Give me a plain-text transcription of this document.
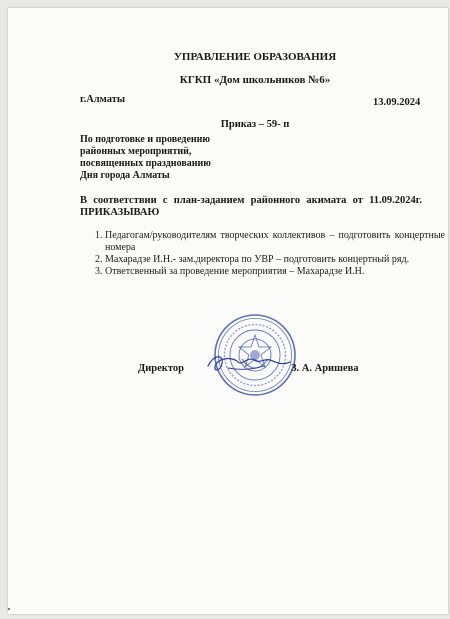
УПРАВЛЕНИЕ ОБРАЗОВАНИЯ
КГКП «Дом школьников №6»
г.Алматы	13.09.2024
Приказ – 59- п
По подготовке и проведению
районных мероприятий,
посвященных празднованию
Дня города Алматы
В соответствии с план-заданием районного акимата от 11.09.2024г. ПРИКАЗЫВАЮ
1. Педагогам/руководителям творческих коллективов – подготовить концертные номера
2. Махарадзе И.Н.- зам.директора по УВР – подготовить концертный ряд.
3. Ответсвенный за проведение мероприятия – Махарадзе И.Н.
Директор	З. А. Аришева
